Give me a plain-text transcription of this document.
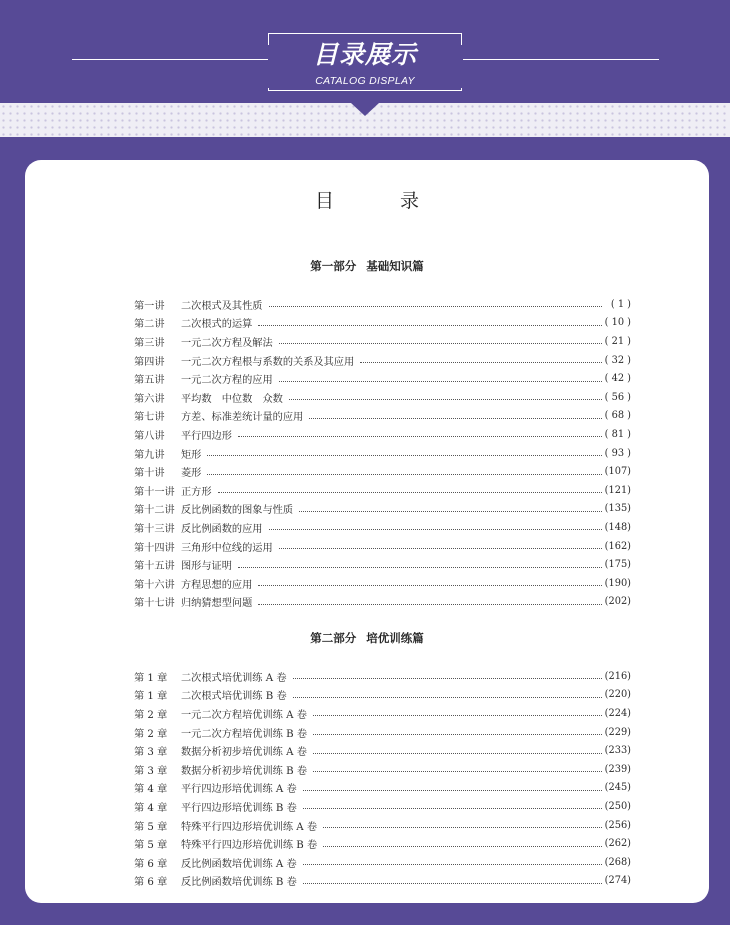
目录展示
CATALOG DISPLAY
目 录
第一部分 基础知识篇
第一讲	二次根式及其性质	( 1 )
第二讲	二次根式的运算	( 10 )
第三讲	一元二次方程及解法	( 21 )
第四讲	一元二次方程根与系数的关系及其应用	( 32 )
第五讲	一元二次方程的应用	( 42 )
第六讲	平均数　中位数　众数	( 56 )
第七讲	方差、标准差统计量的应用	( 68 )
第八讲	平行四边形	( 81 )
第九讲	矩形	( 93 )
第十讲	菱形	(107)
第十一讲 正方形	(121)
第十二讲 反比例函数的图象与性质	(135)
第十三讲 反比例函数的应用	(148)
第十四讲 三角形中位线的运用	(162)
第十五讲 图形与证明	(175)
第十六讲 方程思想的应用	(190)
第十七讲 归纳猜想型问题	(202)
第二部分 培优训练篇
第 1 章	二次根式培优训练 A 卷	(216)
第 1 章	二次根式培优训练 B 卷	(220)
第 2 章	一元二次方程培优训练 A 卷	(224)
第 2 章	一元二次方程培优训练 B 卷	(229)
第 3 章	数据分析初步培优训练 A 卷	(233)
第 3 章	数据分析初步培优训练 B 卷	(239)
第 4 章	平行四边形培优训练 A 卷	(245)
第 4 章	平行四边形培优训练 B 卷	(250)
第 5 章	特殊平行四边形培优训练 A 卷	(256)
第 5 章	特殊平行四边形培优训练 B 卷	(262)
第 6 章	反比例函数培优训练 A 卷	(268)
第 6 章	反比例函数培优训练 B 卷	(274)
